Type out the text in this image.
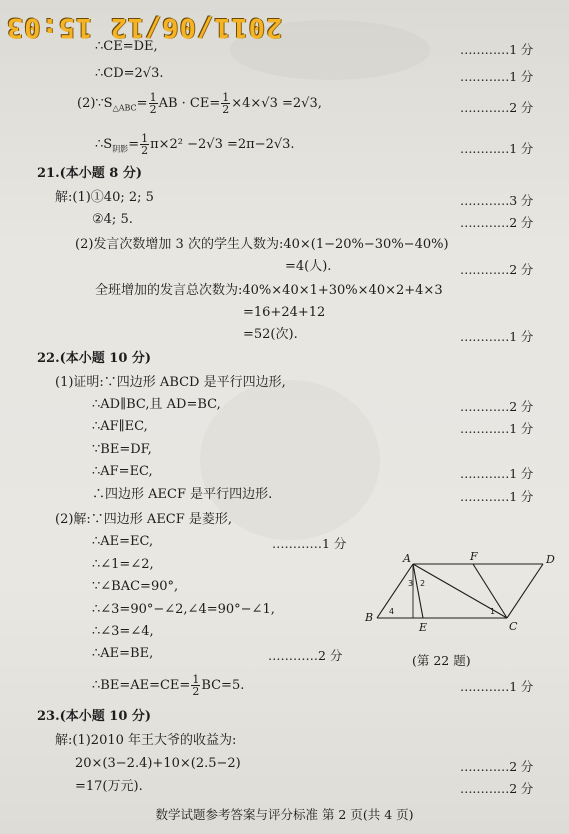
2011/06/12 15:03
∴CE=DE,	…………1 分
∴CD=2√3.	…………1 分
$(2)\because S_{\triangle ABC}= \frac{1}{2}$ AB · $CE= \frac{1}{2} \times 4\times√3 =2√3$,	…………2 分
$\therefore S_{阴影}= \frac{1}{2} \pi\times 2^2 -2√3 =2\pi-2√3$.	…………1 分
21.(本小题 8 分)
解:(1)①40; 2; 5	…………3 分
②4; 5.	…………2 分
(2)发言次数增加 3 次的学生人数为:40×(1−20%−30%−40%)
=4(人).	…………2 分
全班增加的发言总次数为:40%×40×1+30%×40×2+4×3
=16+24+12
=52(次).	…………1 分
22.(本小题 10 分)
(1)证明:∵四边形 ABCD 是平行四边形,
∴AD∥BC,且 AD=BC,	…………2 分
∴AF∥EC,	…………1 分
∵BE=DF,
∴AF=EC,	…………1 分
∴四边形 AECF 是平行四边形.	…………1 分
(2)解:∵四边形 AECF 是菱形,
∴AE=EC,	…………1 分
∴∠1=∠2,
∵∠BAC=90°,
∴∠3=90°−∠2,∠4=90°−∠1,
∴∠3=∠4,
∴AE=BE,	…………2 分
∴BE=AE=CE= $\frac{1}{2} BC=5$.	…………1 分
A	F	D
B
E	C
1
2
3
4
(第 22 题)
23.(本小题 10 分)
解:(1)2010 年王大爷的收益为:
20×(3−2.4)+10×(2.5−2)	…………2 分
=17(万元).	…………2 分
数学试题参考答案与评分标准 第 2 页(共 4 页)
